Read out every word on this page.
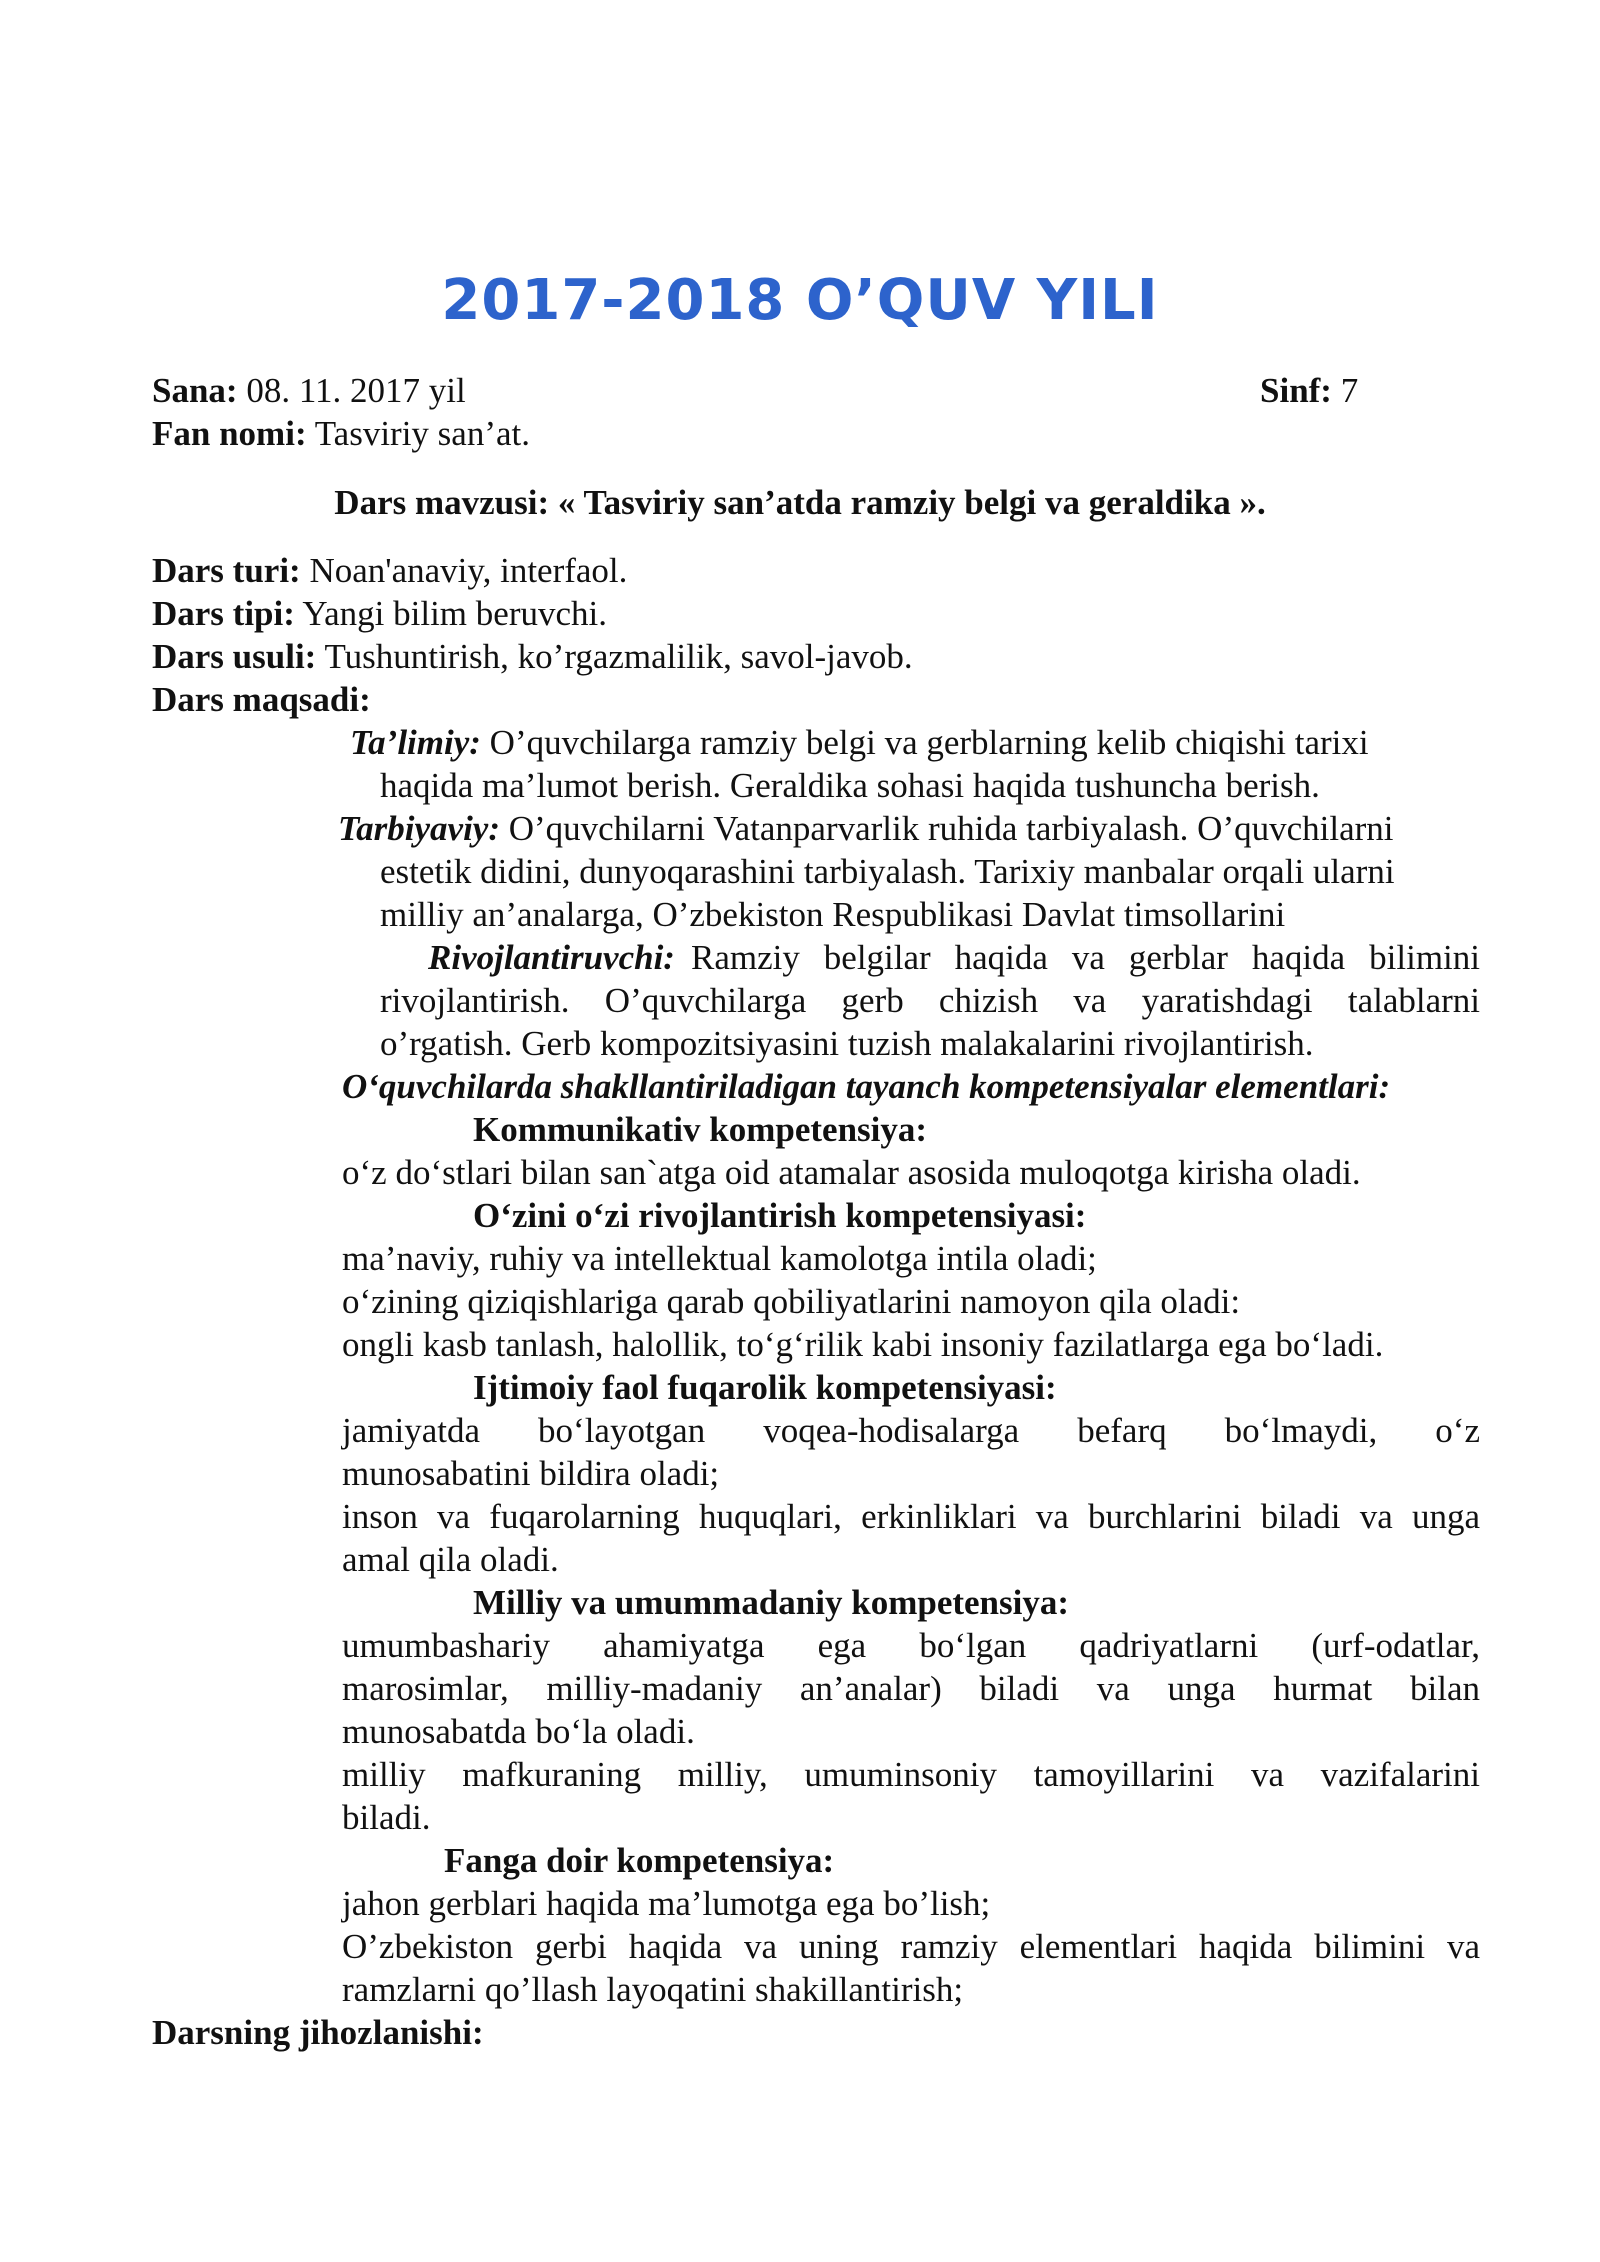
2017-2018 O’QUV YILI
Sana: 08. 11. 2017 yil	Sinf: 7
Fan nomi: Tasviriy san’at.
Dars mavzusi: « Tasviriy san’atda ramziy belgi va geraldika ».
Dars turi: Noan'anaviy, interfaol.
Dars tipi: Yangi bilim beruvchi.
Dars usuli: Tushuntirish, ko’rgazmalilik, savol-javob.
Dars maqsadi:
Ta’limiy: O’quvchilarga ramziy belgi va gerblarning kelib chiqishi tarixi
haqida ma’lumot berish. Geraldika sohasi haqida tushuncha berish.
Tarbiyaviy: O’quvchilarni Vatanparvarlik ruhida tarbiyalash. O’quvchilarni
estetik didini, dunyoqarashini tarbiyalash. Tarixiy manbalar orqali ularni
milliy an’analarga, O’zbekiston Respublikasi Davlat timsollarini
Rivojlantiruvchi: Ramziy belgilar haqida va gerblar haqida bilimini
rivojlantirish. O’quvchilarga gerb chizish va yaratishdagi talablarni
o’rgatish. Gerb kompozitsiyasini tuzish malakalarini rivojlantirish.
O‘quvchilarda shakllantiriladigan tayanch kompetensiyalar elementlari:
Kommunikativ kompetensiya:
o‘z do‘stlari bilan san`atga oid atamalar asosida muloqotga kirisha oladi.
O‘zini o‘zi rivojlantirish kompetensiyasi:
ma’naviy, ruhiy va intellektual kamolotga intila oladi;
o‘zining qiziqishlariga qarab qobiliyatlarini namoyon qila oladi:
ongli kasb tanlash, halollik, to‘g‘rilik kabi insoniy fazilatlarga ega bo‘ladi.
Ijtimoiy faol fuqarolik kompetensiyasi:
jamiyatda bo‘layotgan voqea-hodisalarga befarq bo‘lmaydi, o‘z
munosabatini bildira oladi;
inson va fuqarolarning huquqlari, erkinliklari va burchlarini biladi va unga
amal qila oladi.
Milliy va umummadaniy kompetensiya:
umumbashariy ahamiyatga ega bo‘lgan qadriyatlarni (urf-odatlar,
marosimlar, milliy-madaniy an’analar) biladi va unga hurmat bilan
munosabatda bo‘la oladi.
milliy mafkuraning milliy, umuminsoniy tamoyillarini va vazifalarini
biladi.
Fanga doir kompetensiya:
jahon gerblari haqida ma’lumotga ega bo’lish;
O’zbekiston gerbi haqida va uning ramziy elementlari haqida bilimini va
ramzlarni qo’llash layoqatini shakillantirish;
Darsning jihozlanishi:
